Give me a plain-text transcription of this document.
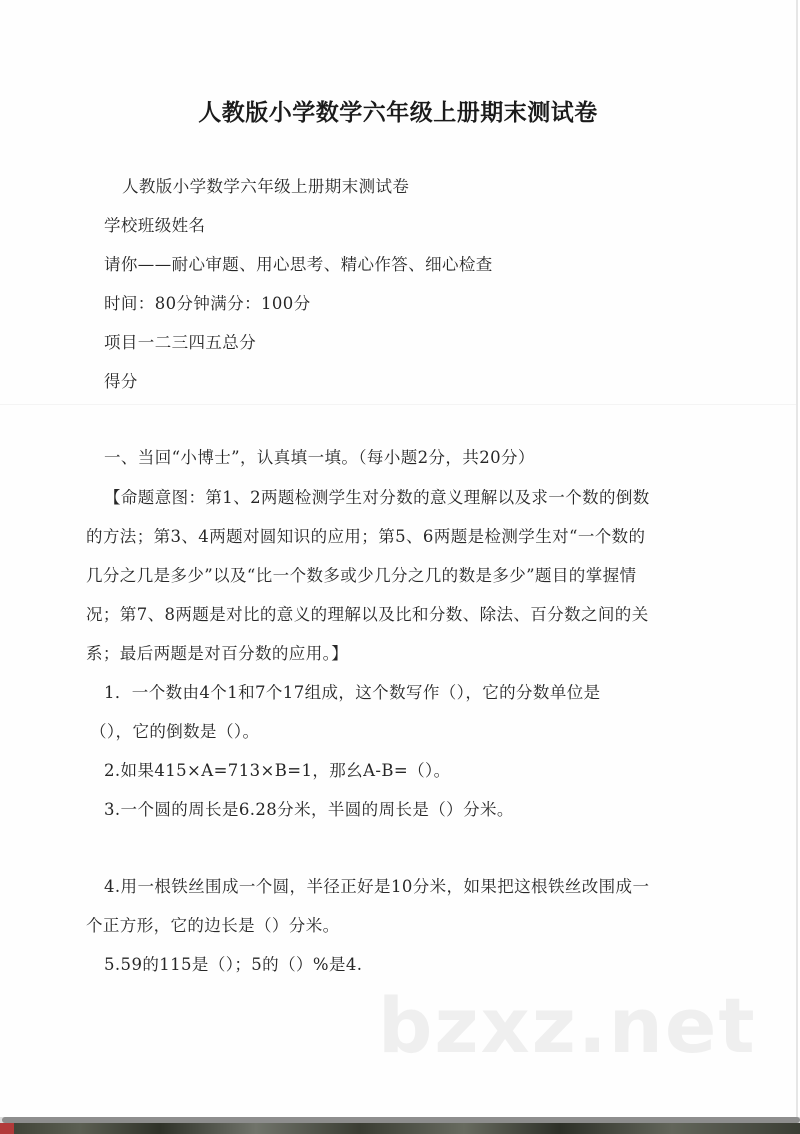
人教版小学数学六年级上册期末测试卷
人教版小学数学六年级上册期末测试卷
学校班级姓名
请你——耐心审题、用心思考、精心作答、细心检查
时间：80分钟满分：100分
项目一二三四五总分
得分
一、当回“小博士”，认真填一填。（每小题2分，共20分）
【命题意图：第1、2两题检测学生对分数的意义理解以及求一个数的倒数
的方法；第3、4两题对圆知识的应用；第5、6两题是检测学生对“一个数的
几分之几是多少”以及“比一个数多或少几分之几的数是多少”题目的掌握情
况；第7、8两题是对比的意义的理解以及比和分数、除法、百分数之间的关
系；最后两题是对百分数的应用。】
1．一个数由4个1和7个17组成，这个数写作（），它的分数单位是
（），它的倒数是（）。
2.如果415×A=713×B=1，那幺A-B=（）。
3.一个圆的周长是6.28分米，半圆的周长是（）分米。
4.用一根铁丝围成一个圆，半径正好是10分米，如果把这根铁丝改围成一
个正方形，它的边长是（）分米。
5.59的115是（）；5的（）%是4.
bzxz.net
